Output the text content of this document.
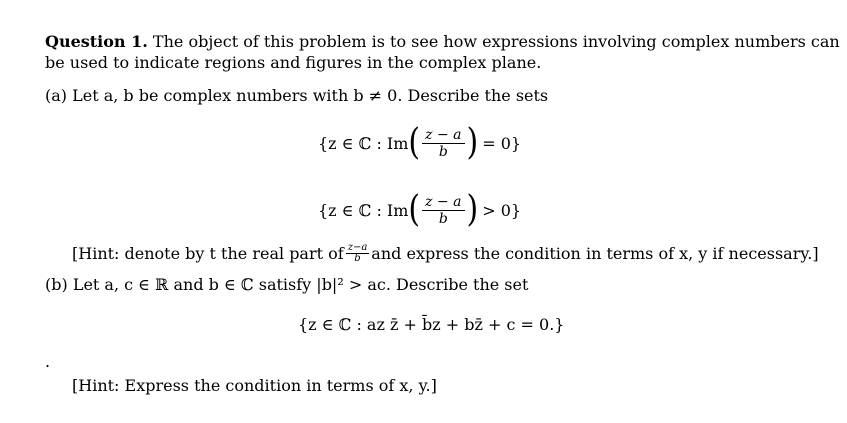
Question 1. The object of this problem is to see how expressions involving complex numbers can
be used to indicate regions and figures in the complex plane.
(a) Let a, b be complex numbers with b ≠ 0. Describe the sets
{z ∈ ℂ : Im ( $\frac{z - a}{b}$ ) = 0}
{z ∈ ℂ : Im ( $\frac{z - a}{b}$ ) > 0}
[Hint: denote by t the real part of $\frac{z-a}{b}$ and express the condition in terms of x, y if necessary.]
(b) Let a, c ∈ ℝ and b ∈ ℂ satisfy |b|² > ac. Describe the set
{z ∈ ℂ : az z̄ + b̄z + bz̄ + c = 0.}
.
[Hint: Express the condition in terms of x, y.]
